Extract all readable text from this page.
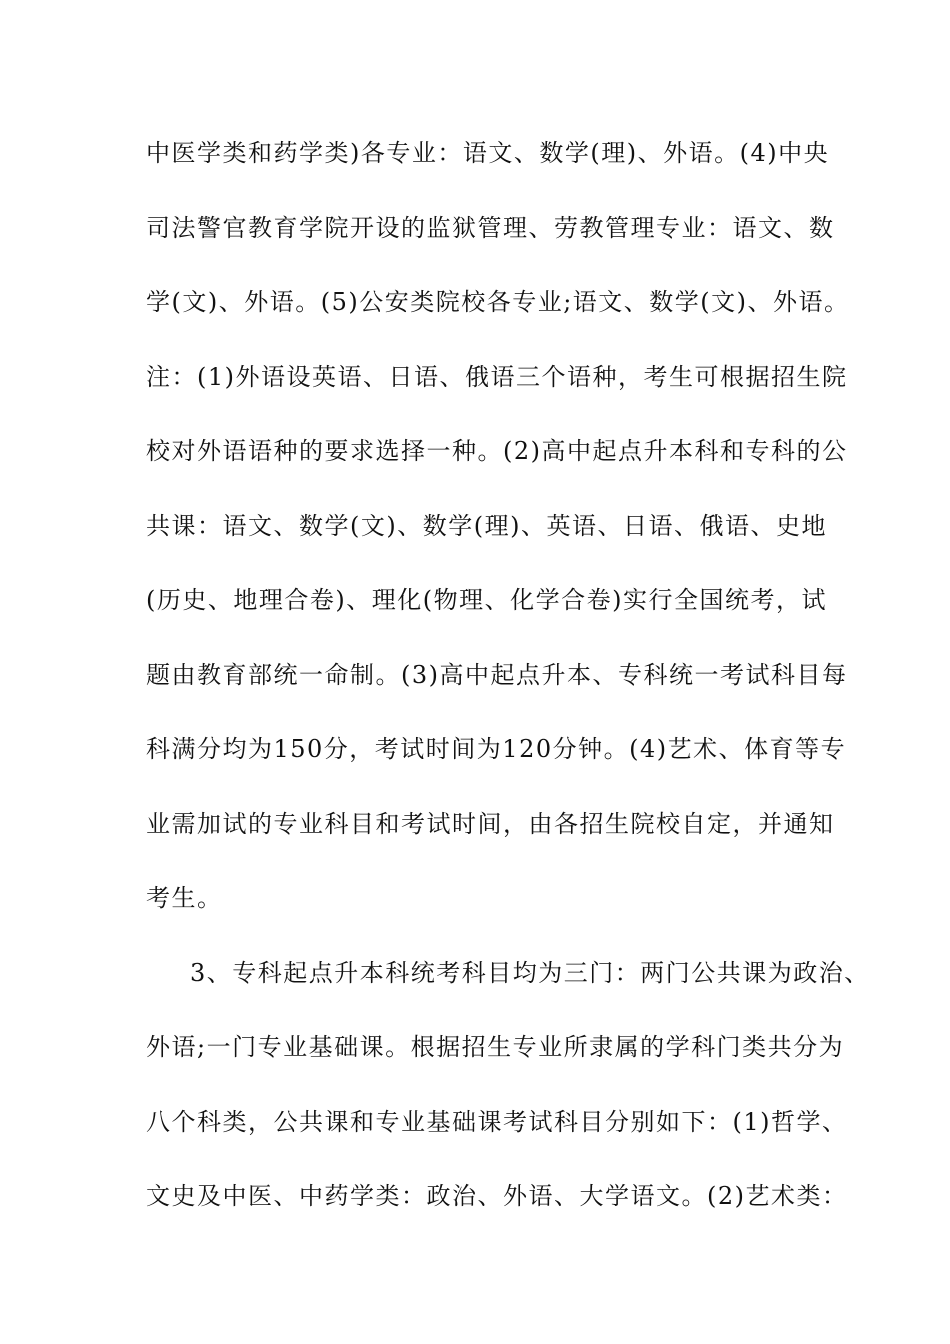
中医学类和药学类)各专业：语文、数学(理)、外语。(4)中央
司法警官教育学院开设的监狱管理、劳教管理专业：语文、数
学(文)、外语。(5)公安类院校各专业;语文、数学(文)、外语。
注：(1)外语设英语、日语、俄语三个语种，考生可根据招生院
校对外语语种的要求选择一种。(2)高中起点升本科和专科的公
共课：语文、数学(文)、数学(理)、英语、日语、俄语、史地
(历史、地理合卷)、理化(物理、化学合卷)实行全国统考，试
题由教育部统一命制。(3)高中起点升本、专科统一考试科目每
科满分均为150分，考试时间为120分钟。(4)艺术、体育等专
业需加试的专业科目和考试时间，由各招生院校自定，并通知
考生。
3、专科起点升本科统考科目均为三门：两门公共课为政治、
外语;一门专业基础课。根据招生专业所隶属的学科门类共分为
八个科类，公共课和专业基础课考试科目分别如下：(1)哲学、
文史及中医、中药学类：政治、外语、大学语文。(2)艺术类：
